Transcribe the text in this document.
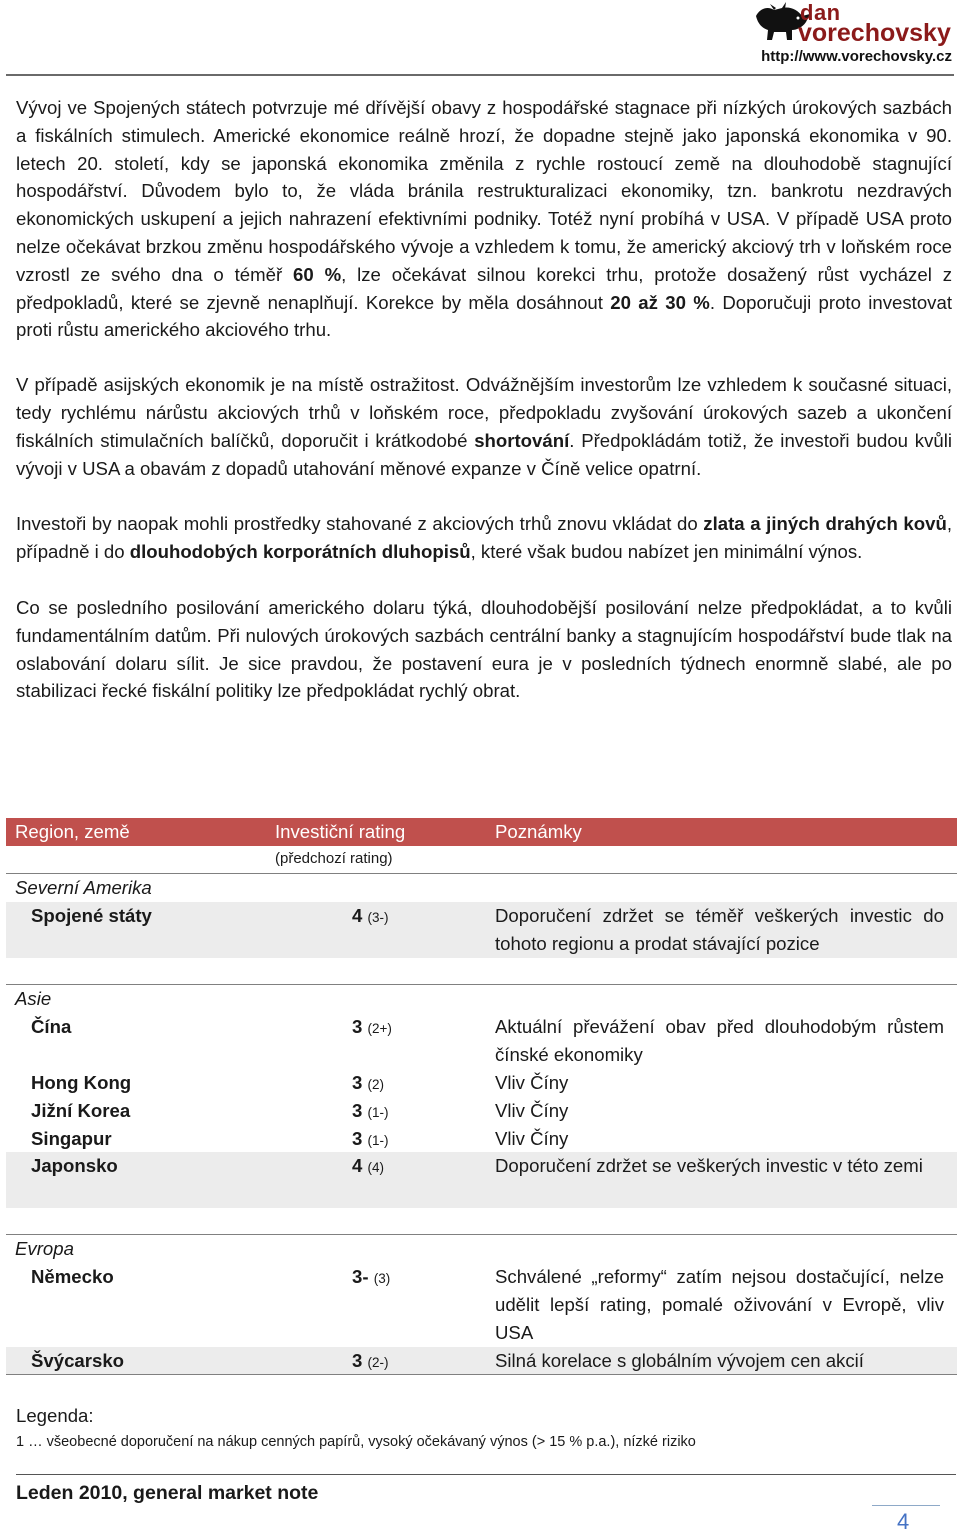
dan
vorechovsky
http://www.vorechovsky.cz

Vývoj ve Spojených státech potvrzuje mé dřívější obavy z hospodářské stagnace při nízkých úrokových sazbách a fiskálních stimulech. Americké ekonomice reálně hrozí, že dopadne stejně jako japonská ekonomika v 90. letech 20. století, kdy se japonská ekonomika změnila z rychle rostoucí země na dlouhodobě stagnující hospodářství. Důvodem bylo to, že vláda bránila restrukturalizaci ekonomiky, tzn. bankrotu nezdravých ekonomických uskupení a jejich nahrazení efektivními podniky. Totéž nyní probíhá v USA. V případě USA proto nelze očekávat brzkou změnu hospodářského vývoje a vzhledem k tomu, že americký akciový trh v loňském roce vzrostl ze svého dna o téměř 60 %, lze očekávat silnou korekci trhu, protože dosažený růst vycházel z předpokladů, které se zjevně nenaplňují. Korekce by měla dosáhnout 20 až 30 %. Doporučuji proto investovat proti růstu amerického akciového trhu.

V případě asijských ekonomik je na místě ostražitost. Odvážnějším investorům lze vzhledem k současné situaci, tedy rychlému nárůstu akciových trhů v loňském roce, předpokladu zvyšování úrokových sazeb a ukončení fiskálních stimulačních balíčků, doporučit i krátkodobé shortování. Předpokládám totiž, že investoři budou kvůli vývoji v USA a obavám z dopadů utahování měnové expanze v Číně velice opatrní.

Investoři by naopak mohli prostředky stahované z akciových trhů znovu vkládat do zlata a jiných drahých kovů, případně i do dlouhodobých korporátních dluhopisů, které však budou nabízet jen minimální výnos.

Co se posledního posilování amerického dolaru týká, dlouhodobější posilování nelze předpokládat, a to kvůli fundamentálním datům. Při nulových úrokových sazbách centrální banky a stagnujícím hospodářství bude tlak na oslabování dolaru sílit. Je sice pravdou, že postavení eura je v posledních týdnech enormně slabé, ale po stabilizaci řecké fiskální politiky lze předpokládat rychlý obrat.

Region, země	Investiční rating	Poznámky
(předchozí rating)
Severní Amerika
Spojené státy	4 (3-)	Doporučení zdržet se téměř veškerých investic do tohoto regionu a prodat stávající pozice
Asie
Čína	3 (2+)	Aktuální převážení obav před dlouhodobým růstem čínské ekonomiky
Hong Kong	3 (2)	Vliv Číny
Jižní Korea	3 (1-)	Vliv Číny
Singapur	3 (1-)	Vliv Číny
Japonsko	4 (4)	Doporučení zdržet se veškerých investic v této zemi
Evropa
Německo	3- (3)	Schválené „reformy“ zatím nejsou dostačující, nelze udělit lepší rating, pomalé oživování v Evropě, vliv USA
Švýcarsko	3 (2-)	Silná korelace s globálním vývojem cen akcií
Legenda:
1 … všeobecné doporučení na nákup cenných papírů, vysoký očekávaný výnos (> 15 % p.a.), nízké riziko
Leden 2010, general market note
4
